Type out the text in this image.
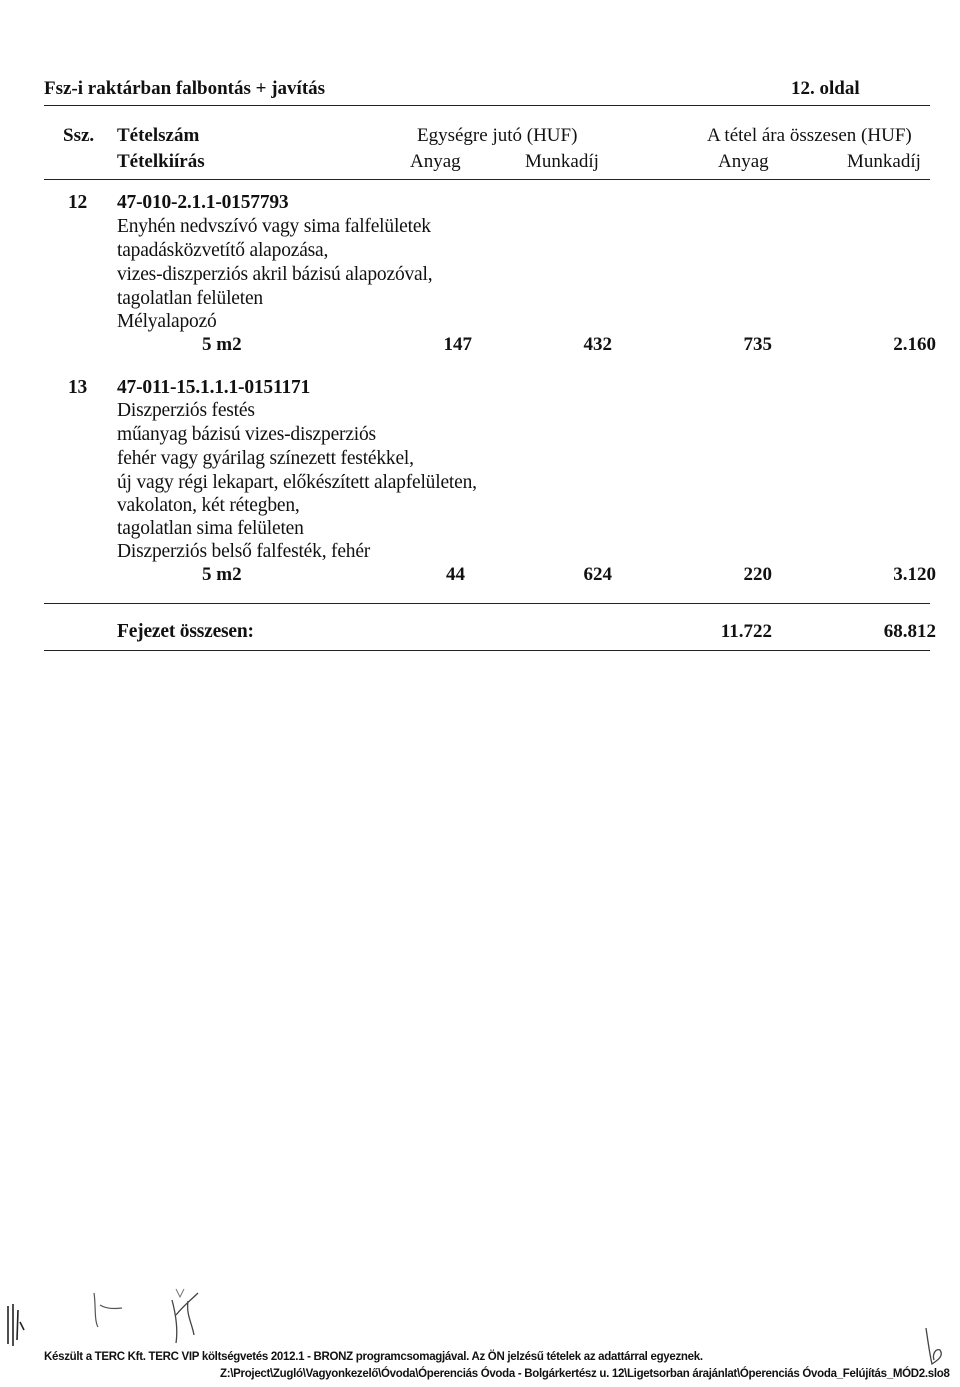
Fsz-i raktárban falbontás + javítás	12. oldal
Ssz. Tételszám
Tételkiírás
Egységre jutó (HUF)
Anyag	Munkadíj
A tétel ára összesen (HUF)
Anyag	Munkadíj
12 47-010-2.1.1-0157793
Enyhén nedvszívó vagy sima falfelületek
tapadásközvetítő alapozása,
vizes-diszperziós akril bázisú alapozóval,
tagolatlan felületen
Mélyalapozó
5 m2	147	432	735	2.160
13 47-011-15.1.1.1-0151171
Diszperziós festés
műanyag bázisú vizes-diszperziós
fehér vagy gyárilag színezett festékkel,
új vagy régi lekapart, előkészített alapfelületen,
vakolaton, két rétegben,
tagolatlan sima felületen
Diszperziós belső falfesték, fehér
5 m2	44	624	220	3.120
Fejezet összesen:	11.722	68.812
Készült a TERC Kft. TERC VIP költségvetés 2012.1 - BRONZ programcsomagjával. Az ÖN jelzésű tételek az adattárral egyeznek.
Z:\Project\Zugló\Vagyonkezelő\Óvoda\Óperenciás Óvoda - Bolgárkertész u. 12\Ligetsorban árajánlat\Óperenciás Óvoda_Felújítás_MÓD2.slo8
